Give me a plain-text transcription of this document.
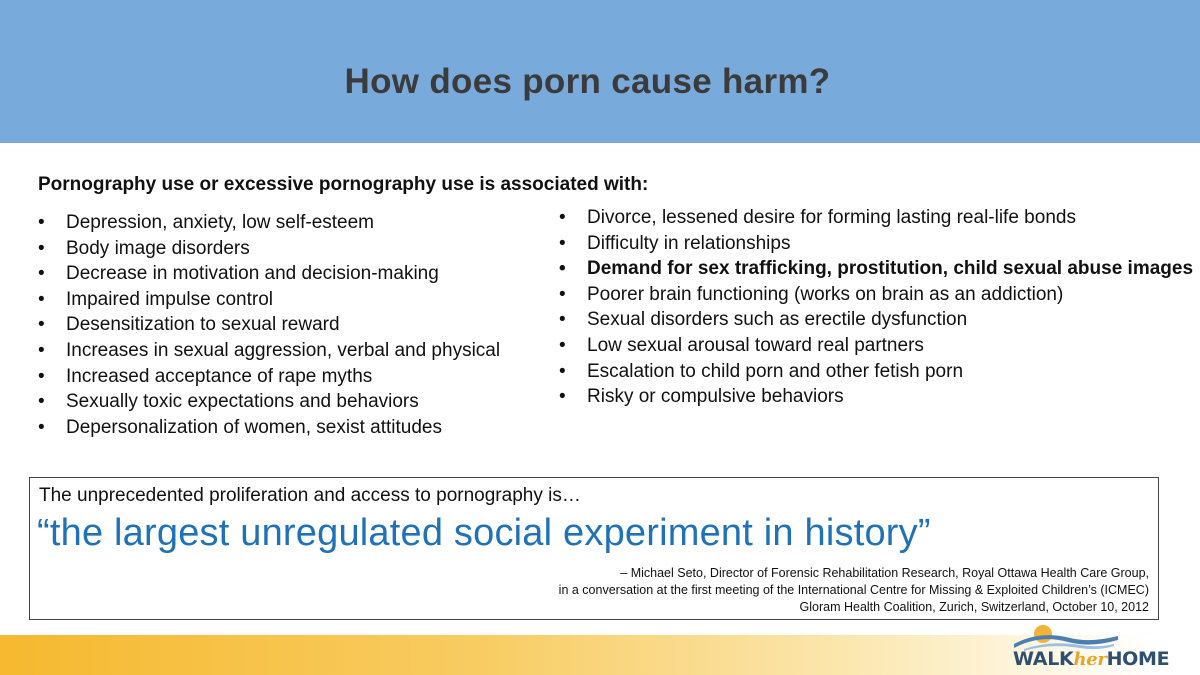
How does porn cause harm?

Pornography use or excessive pornography use is associated with:

•	Depression, anxiety, low self-esteem
•	Body image disorders
•	Decrease in motivation and decision-making
•	Impaired impulse control
•	Desensitization to sexual reward
•	Increases in sexual aggression, verbal and physical
•	Increased acceptance of rape myths
•	Sexually toxic expectations and behaviors
•	Depersonalization of women, sexist attitudes
•	Divorce, lessened desire for forming lasting real-life bonds
•	Difficulty in relationships
•	Demand for sex trafficking, prostitution, child sexual abuse images
•	Poorer brain functioning (works on brain as an addiction)
•	Sexual disorders such as erectile dysfunction
•	Low sexual arousal toward real partners
•	Escalation to child porn and other fetish porn
•	Risky or compulsive behaviors

The unprecedented proliferation and access to pornography is…

“the largest unregulated social experiment in history”

– Michael Seto, Director of Forensic Rehabilitation Research, Royal Ottawa Health Care Group,
in a conversation at the first meeting of the International Centre for Missing & Exploited Children’s (ICMEC)
Gloram Health Coalition, Zurich, Switzerland, October 10, 2012
WALKherHOME
